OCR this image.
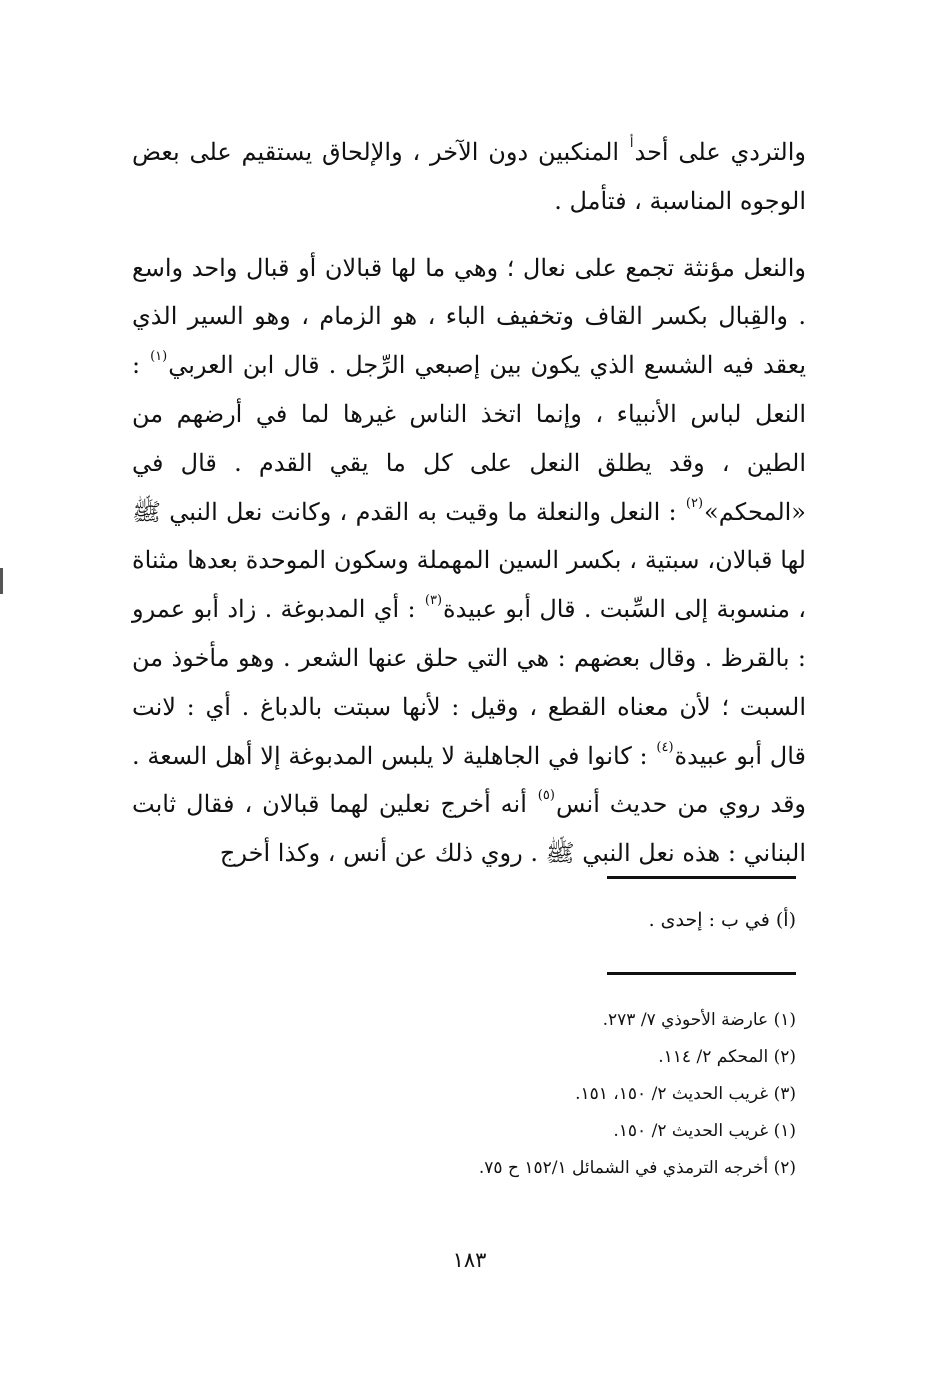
والتردي على أحد$^أ$ المنكبين دون الآخر ، والإلحاق يستقيم على بعض الوجوه المناسبة ، فتأمل .

والنعل مؤنثة تجمع على نعال ؛ وهي ما لها قبالان أو قبال واحد واسع . والقِبال بكسر القاف وتخفيف الباء ، هو الزمام ، وهو السير الذي يعقد فيه الشسع الذي يكون بين إصبعي الرِّجل . قال ابن العربي$^{(١)}$ : النعل لباس الأنبياء ، وإنما اتخذ الناس غيرها لما في أرضهم من الطين ، وقد يطلق النعل على كل ما يقي القدم . قال في «المحكم»$^{(٢)}$ : النعل والنعلة ما وقيت به القدم ، وكانت نعل النبي ﷺ لها قبالان، سبتية ، بكسر السين المهملة وسكون الموحدة بعدها مثناة ، منسوبة إلى السِّبت . قال أبو عبيدة$^{(٣)}$ : أي المدبوغة . زاد أبو عمرو : بالقرظ . وقال بعضهم : هي التي حلق عنها الشعر . وهو مأخوذ من السبت ؛ لأن معناه القطع ، وقيل : لأنها سبتت بالدباغ . أي : لانت قال أبو عبيدة$^{(٤)}$ : كانوا في الجاهلية لا يلبس المدبوغة إلا أهل السعة . وقد روي من حديث أنس$^{(٥)}$ أنه أخرج نعلين لهما قبالان ، فقال ثابت البناني : هذه نعل النبي ﷺ . روي ذلك عن أنس ، وكذا أخرج

(أ) في ب : إحدى .
(١) عارضة الأحوذي ٧/ ٢٧٣.
(٢) المحكم ٢/ ١١٤.
(٣) غريب الحديث ٢/ ١٥٠، ١٥١.
(١) غريب الحديث ٢/ ١٥٠.
(٢) أخرجه الترمذي في الشمائل ١٥٢/١ ح ٧٥.
١٨٣
